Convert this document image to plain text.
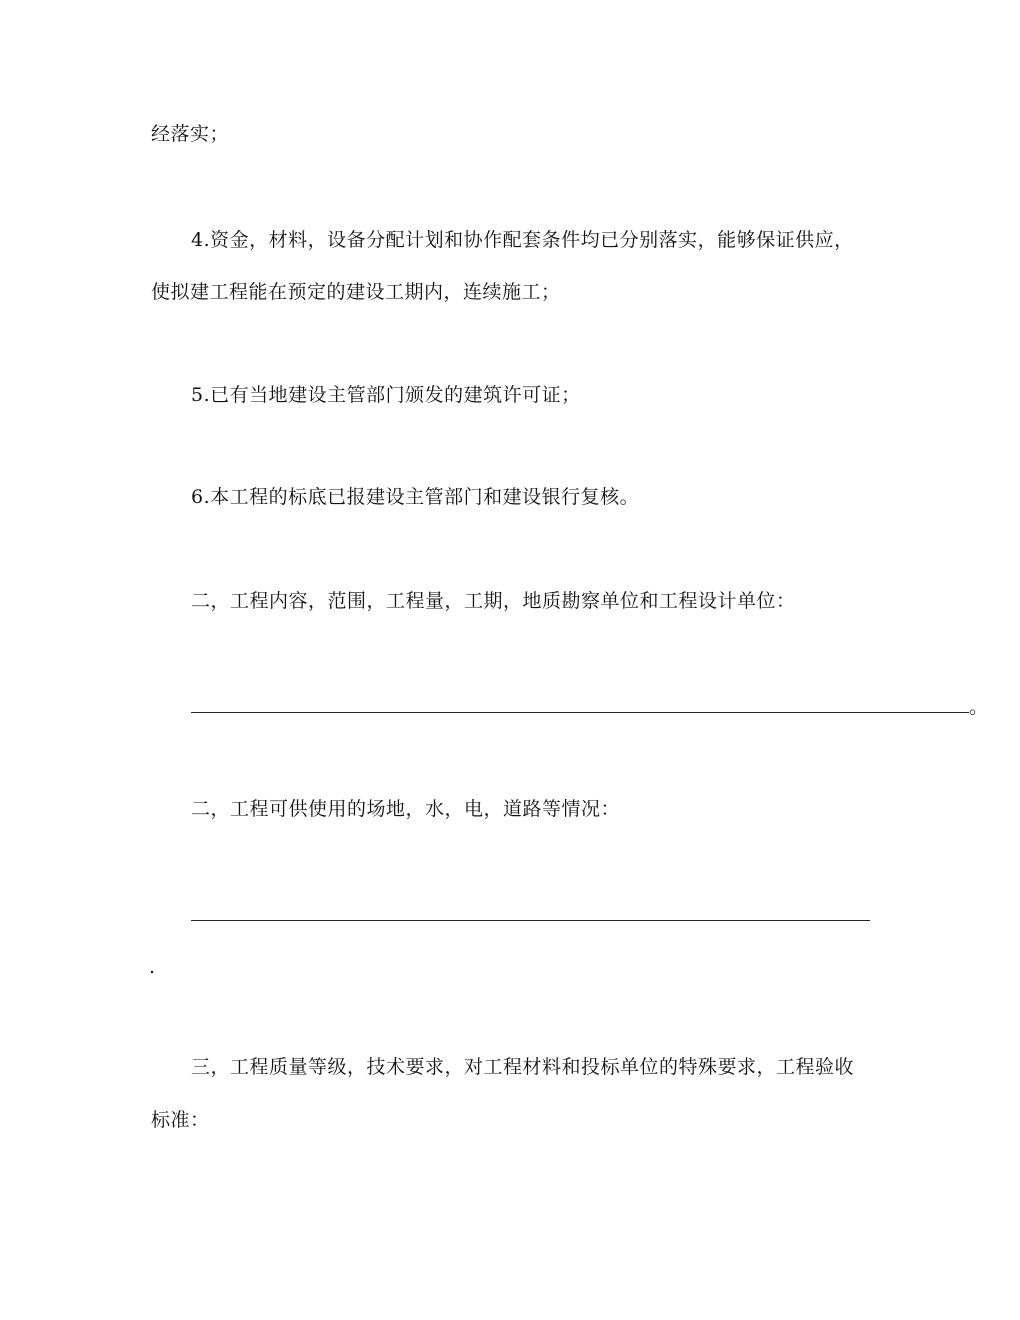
经落实；
4.资金，材料，设备分配计划和协作配套条件均已分别落实，能够保证供应，
使拟建工程能在预定的建设工期内，连续施工；
5.已有当地建设主管部门颁发的建筑许可证；
6.本工程的标底已报建设主管部门和建设银行复核。
二，工程内容，范围，工程量，工期，地质勘察单位和工程设计单位：
。
二，工程可供使用的场地，水，电，道路等情况：
.
三，工程质量等级，技术要求，对工程材料和投标单位的特殊要求，工程验收
标准：
